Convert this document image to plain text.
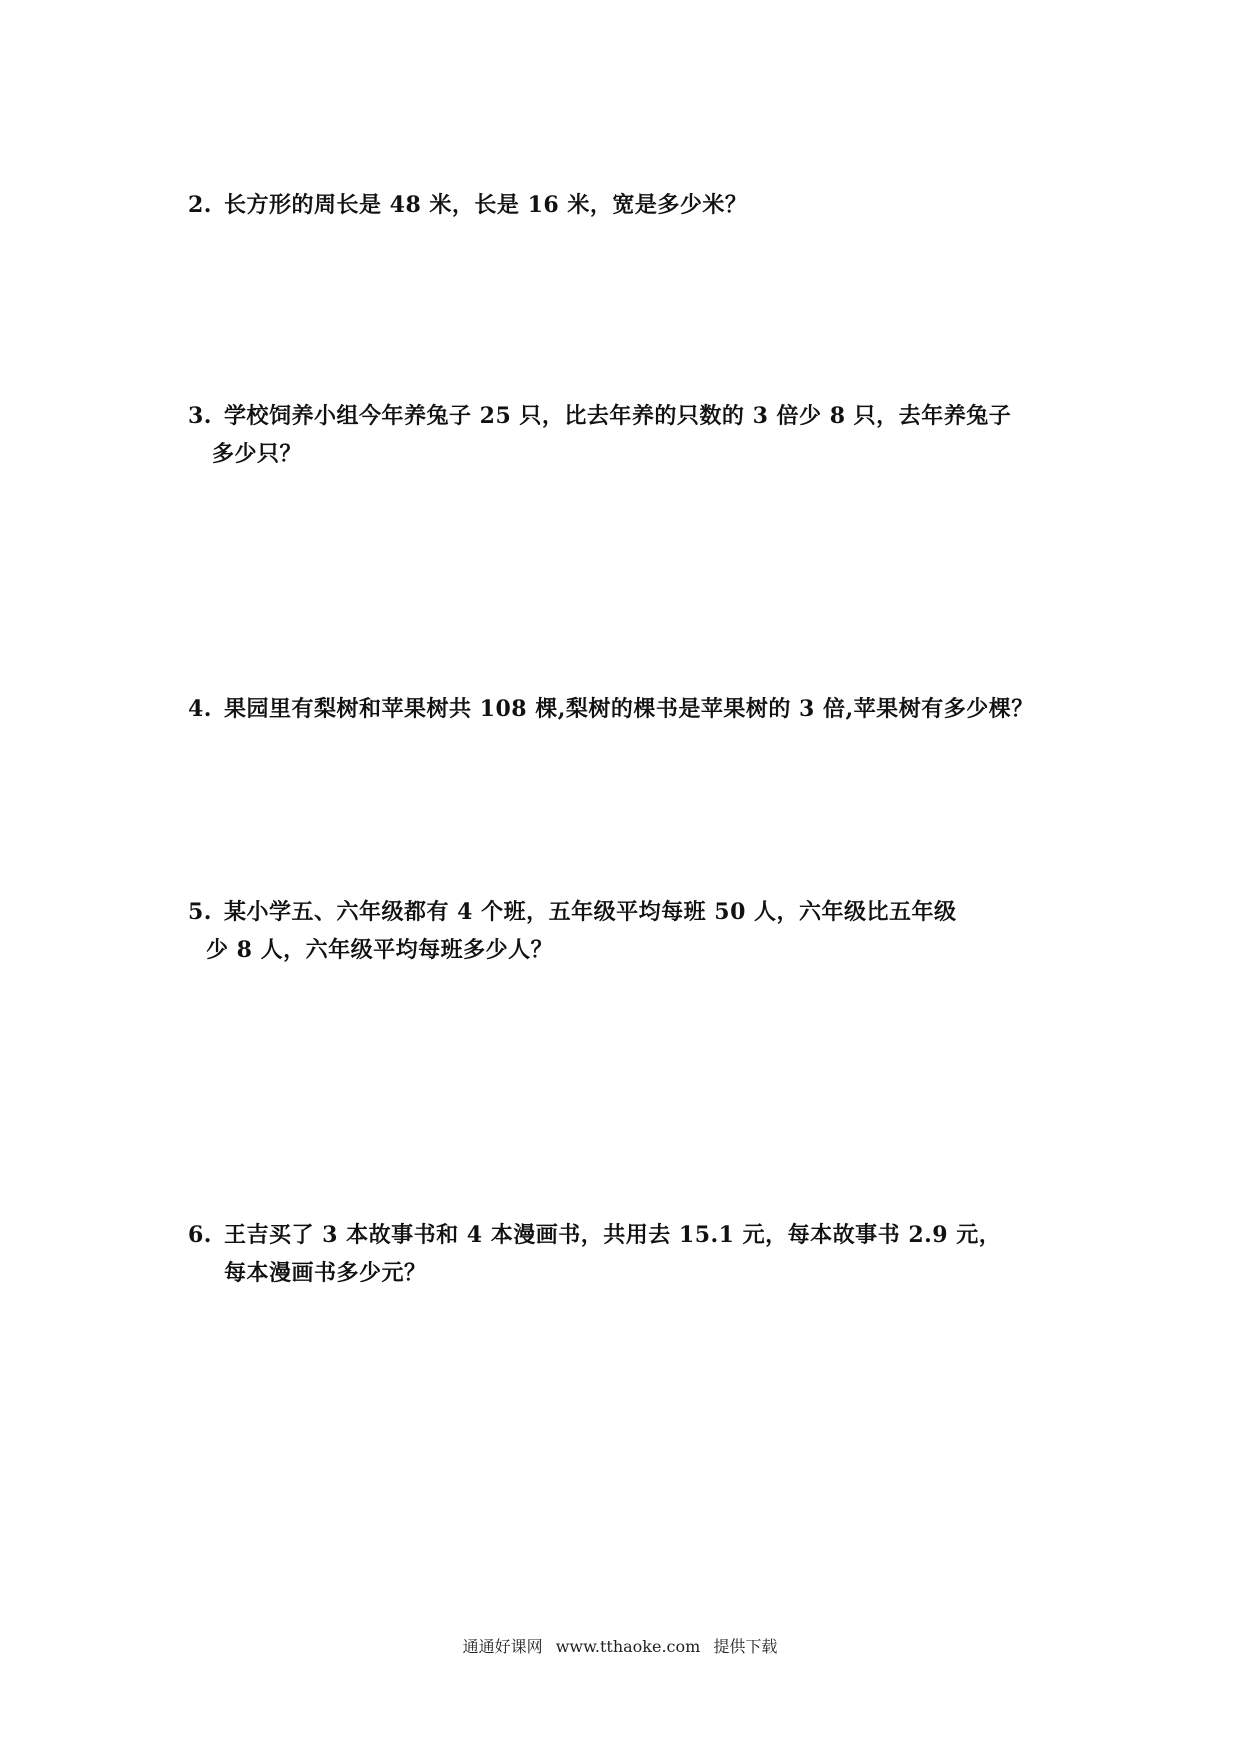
2. 长方形的周长是 48 米，长是 16 米，宽是多少米？
3. 学校饲养小组今年养兔子 25 只，比去年养的只数的 3 倍少 8 只，去年养兔子
多少只？
4. 果园里有梨树和苹果树共 108 棵,梨树的棵书是苹果树的 3 倍,苹果树有多少棵？
5. 某小学五、六年级都有 4 个班，五年级平均每班 50 人，六年级比五年级
少 8 人，六年级平均每班多少人？
6. 王吉买了 3 本故事书和 4 本漫画书，共用去 15.1 元，每本故事书 2.9 元，
每本漫画书多少元？
通通好课网 www.tthaoke.com 提供下载
